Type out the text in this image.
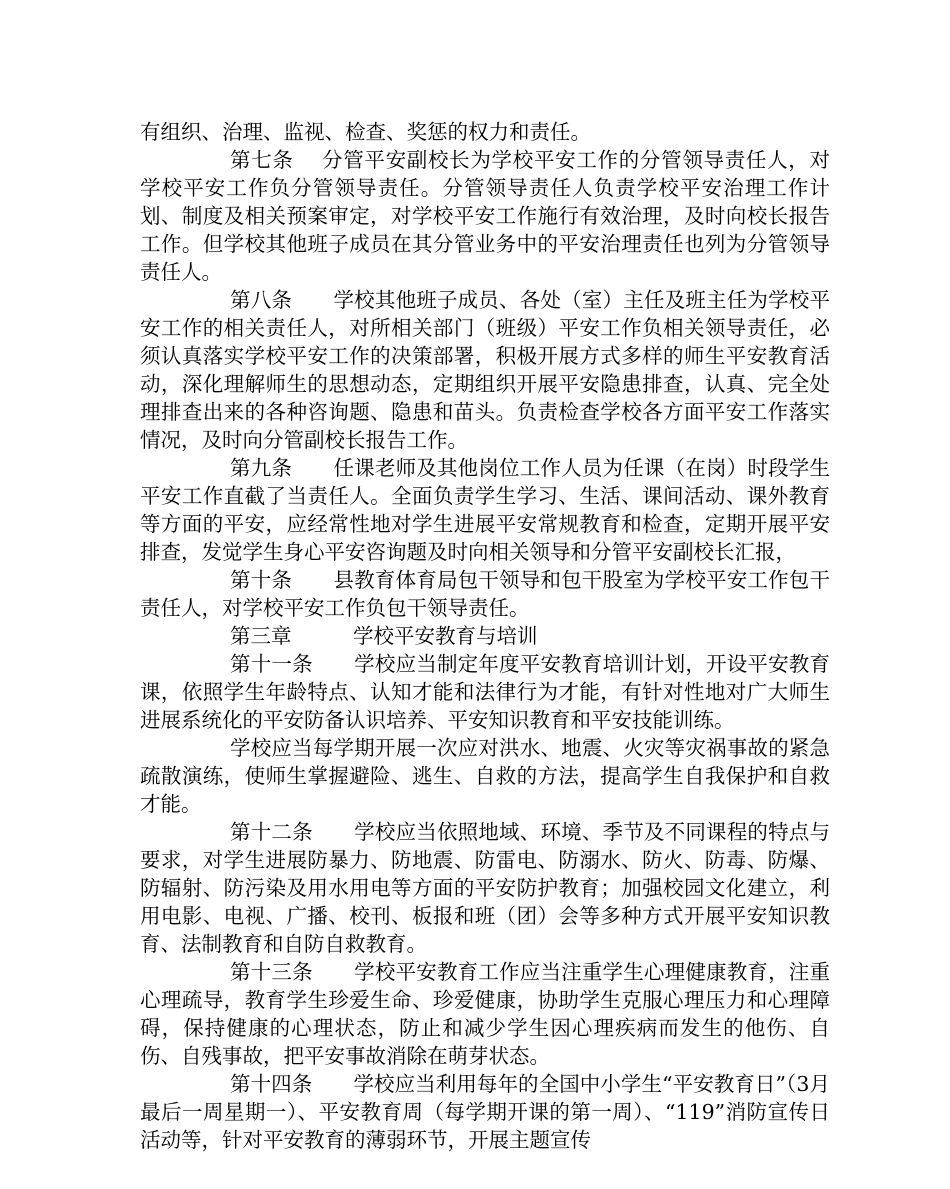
有组织、治理、监视、检查、奖惩的权力和责任。

第七条　 分管平安副校长为学校平安工作的分管领导责任人，对学校平安工作负分管领导责任。分管领导责任人负责学校平安治理工作计划、制度及相关预案审定，对学校平安工作施行有效治理，及时向校长报告工作。但学校其他班子成员在其分管业务中的平安治理责任也列为分管领导责任人。

第八条　　学校其他班子成员、各处（室）主任及班主任为学校平安工作的相关责任人，对所相关部门（班级）平安工作负相关领导责任，必须认真落实学校平安工作的决策部署，积极开展方式多样的师生平安教育活动，深化理解师生的思想动态，定期组织开展平安隐患排查，认真、完全处理排查出来的各种咨询题、隐患和苗头。负责检查学校各方面平安工作落实情况，及时向分管副校长报告工作。

第九条　　任课老师及其他岗位工作人员为任课（在岗）时段学生平安工作直截了当责任人。全面负责学生学习、生活、课间活动、课外教育等方面的平安，应经常性地对学生进展平安常规教育和检查，定期开展平安排查，发觉学生身心平安咨询题及时向相关领导和分管平安副校长汇报，

第十条　　县教育体育局包干领导和包干股室为学校平安工作包干责任人，对学校平安工作负包干领导责任。

第三章　　　学校平安教育与培训

第十一条　　学校应当制定年度平安教育培训计划，开设平安教育课，依照学生年龄特点、认知才能和法律行为才能，有针对性地对广大师生进展系统化的平安防备认识培养、平安知识教育和平安技能训练。

学校应当每学期开展一次应对洪水、地震、火灾等灾祸事故的紧急疏散演练，使师生掌握避险、逃生、自救的方法，提高学生自我保护和自救才能。

第十二条　　学校应当依照地域、环境、季节及不同课程的特点与要求，对学生进展防暴力、防地震、防雷电、防溺水、防火、防毒、防爆、防辐射、防污染及用水用电等方面的平安防护教育；加强校园文化建立，利用电影、电视、广播、校刊、板报和班（团）会等多种方式开展平安知识教育、法制教育和自防自救教育。

第十三条　　学校平安教育工作应当注重学生心理健康教育，注重心理疏导，教育学生珍爱生命、珍爱健康，协助学生克服心理压力和心理障碍，保持健康的心理状态，防止和减少学生因心理疾病而发生的他伤、自伤、自残事故，把平安事故消除在萌芽状态。

第十四条　　学校应当利用每年的全国中小学生“平安教育日”（3月最后一周星期一）、平安教育周（每学期开课的第一周）、“119”消防宣传日活动等，针对平安教育的薄弱环节，开展主题宣传
